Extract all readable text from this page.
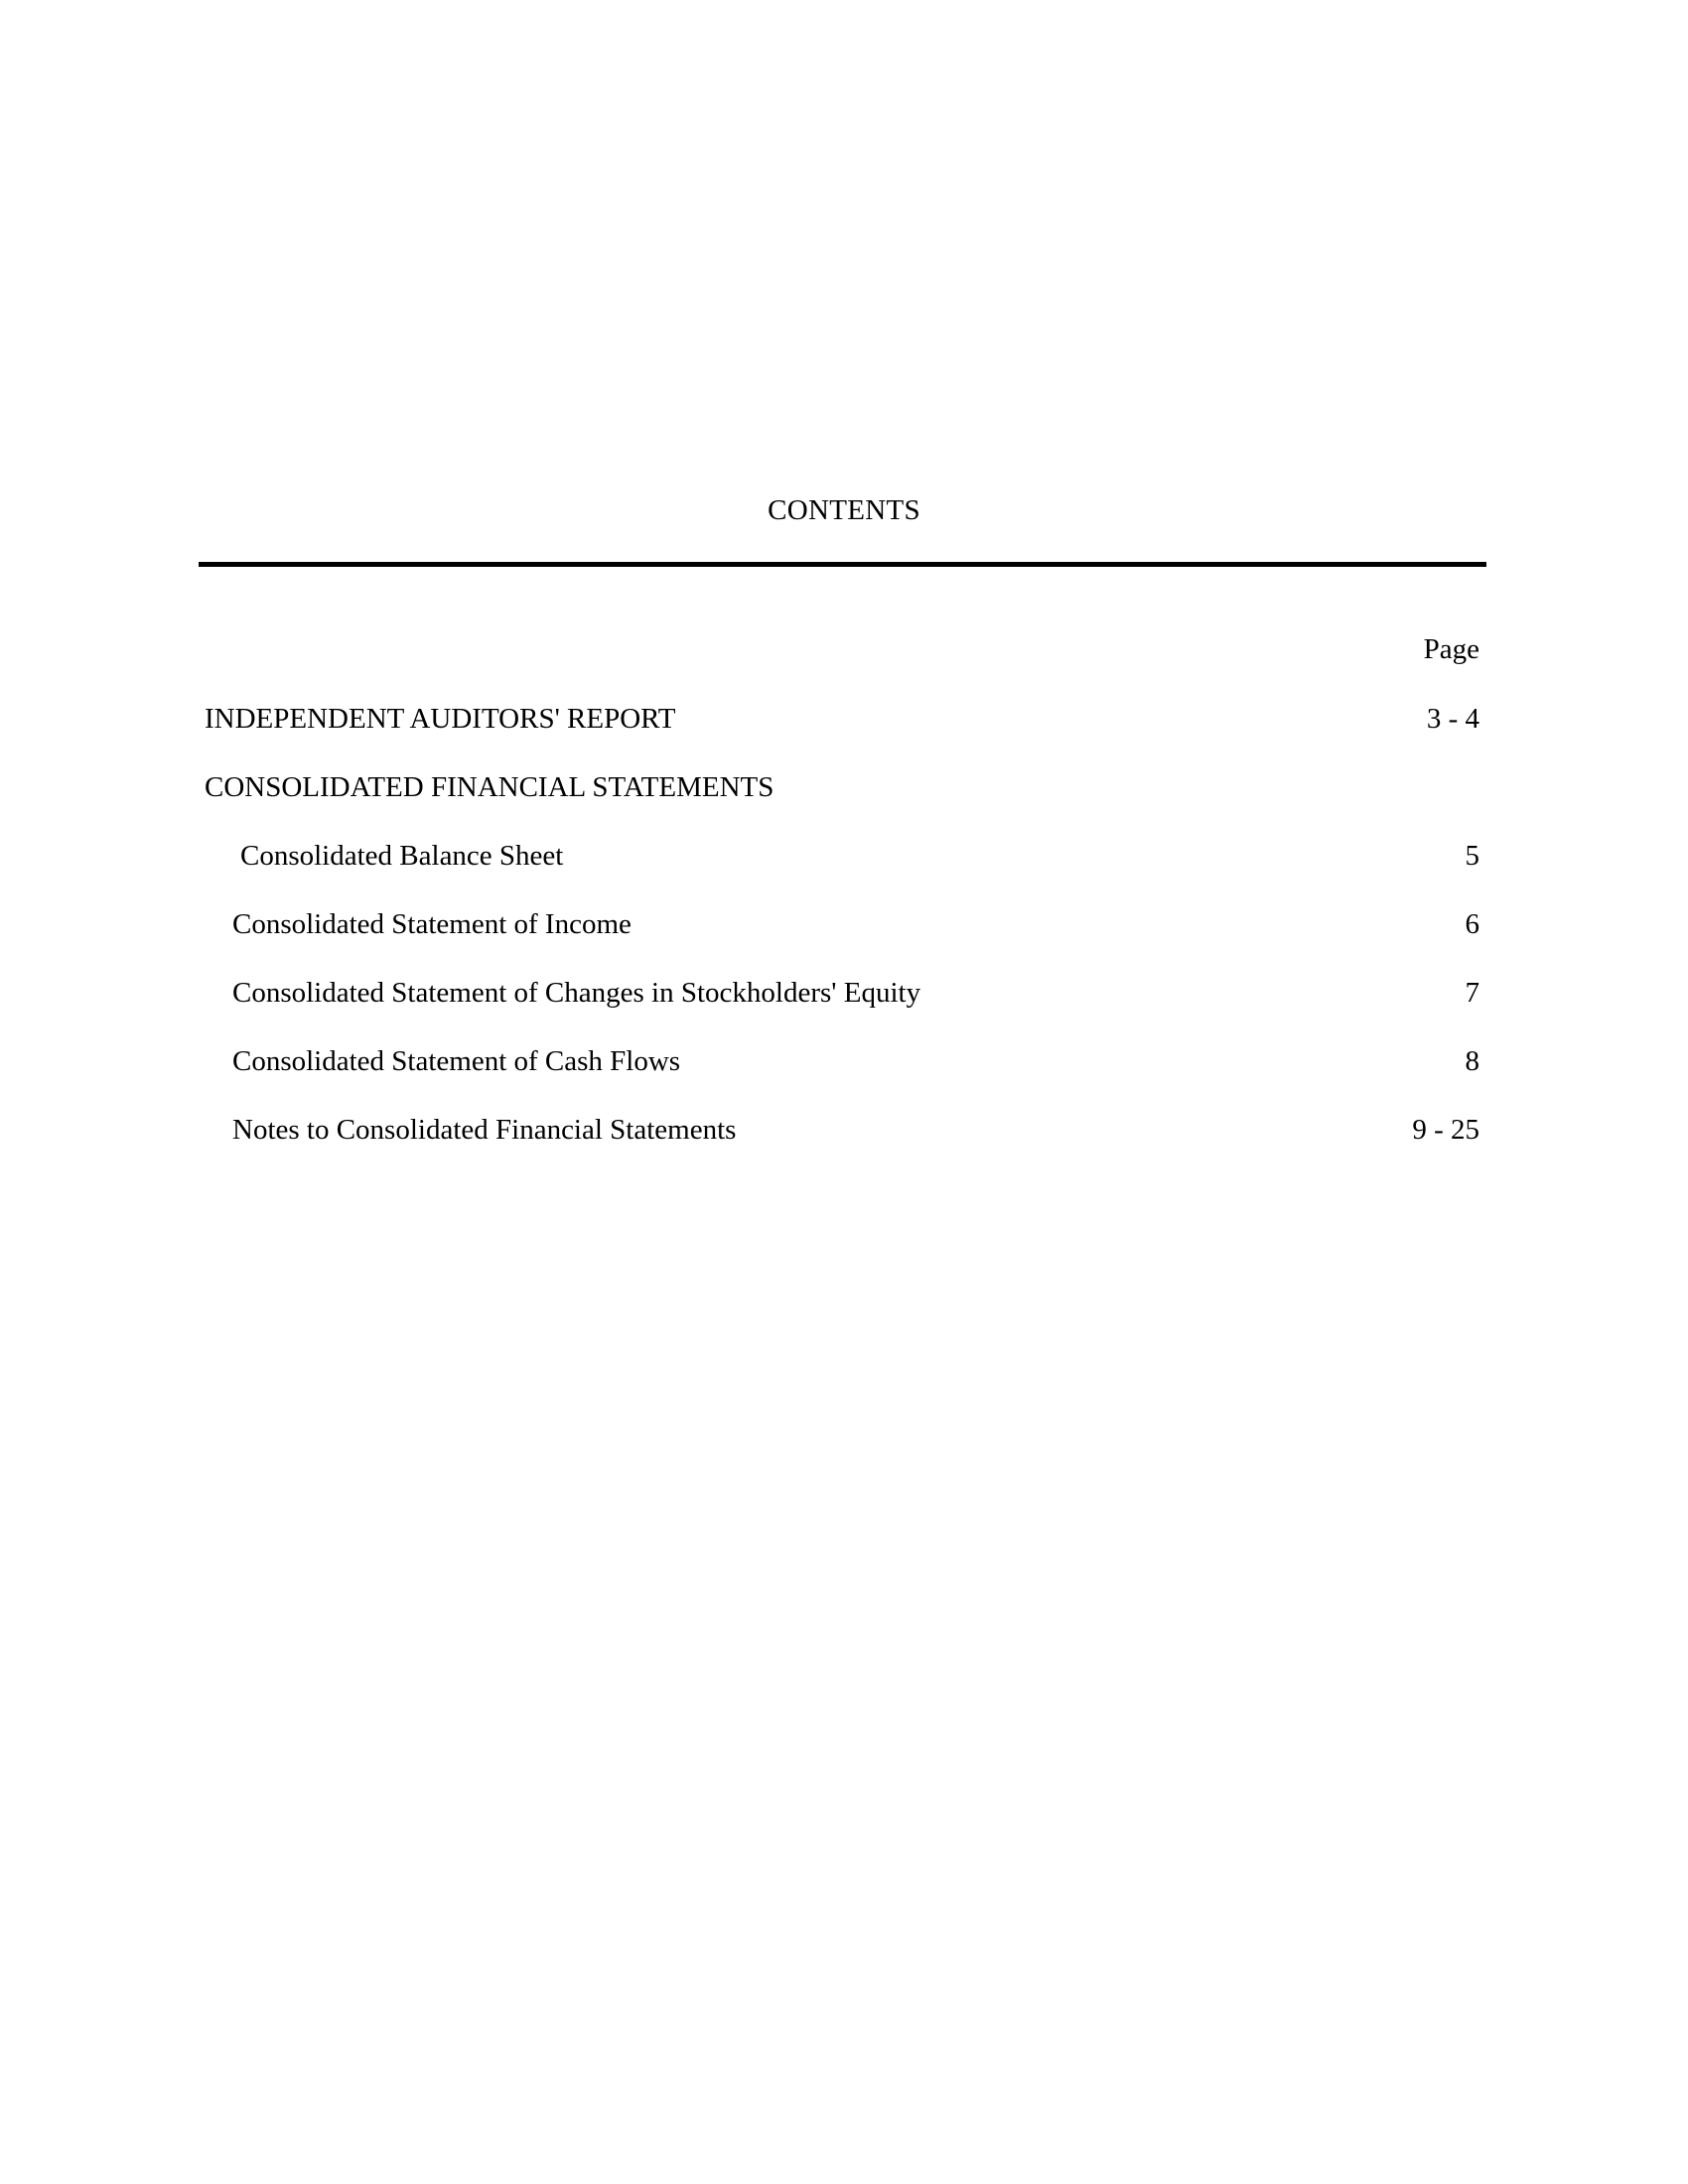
CONTENTS
Page
INDEPENDENT AUDITORS' REPORT	3 - 4
CONSOLIDATED FINANCIAL STATEMENTS
Consolidated Balance Sheet	5
Consolidated Statement of Income	6
Consolidated Statement of Changes in Stockholders' Equity	7
Consolidated Statement of Cash Flows	8
Notes to Consolidated Financial Statements	9 - 25
